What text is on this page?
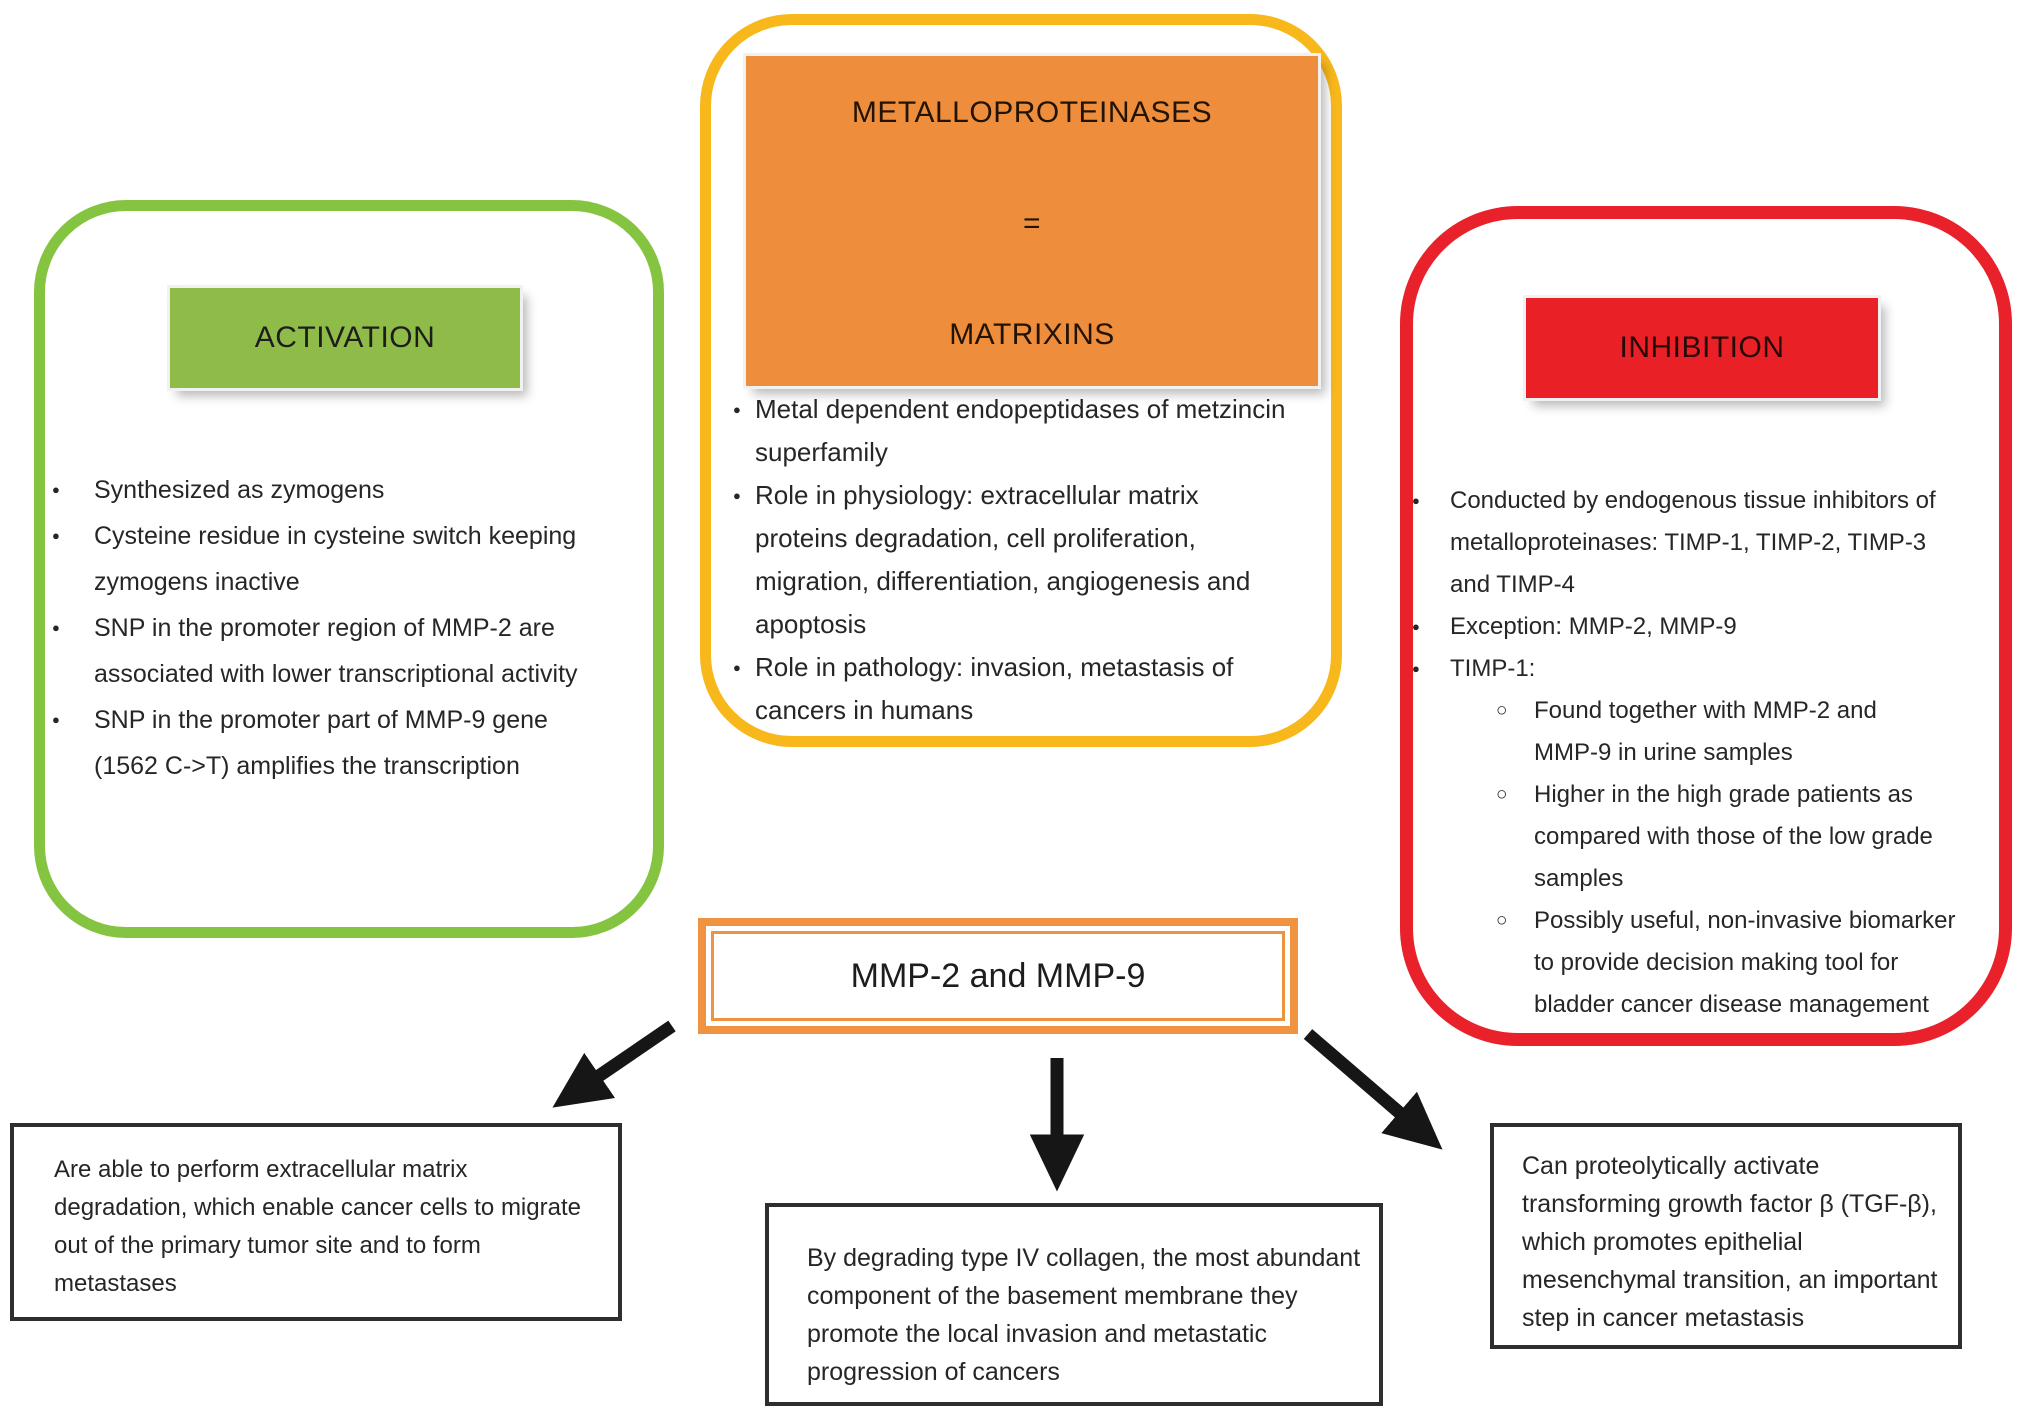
ACTIVATION
METALLOPROTEINASES
=
MATRIXINS	INHIBITION
●	Synthesized as zymogens
●	Cysteine residue in cysteine switch keeping
zymogens inactive
●	SNP in the promoter region of MMP-2 are
associated with lower transcriptional activity
●	SNP in the promoter part of MMP-9 gene
(1562 C->T) amplifies the transcription
● Metal dependent endopeptidases of metzincin
superfamily
● Role in physiology: extracellular matrix
proteins degradation, cell proliferation,
migration, differentiation, angiogenesis and
apoptosis
● Role in pathology: invasion, metastasis of
cancers in humans
●	Conducted by endogenous tissue inhibitors of
metalloproteinases: TIMP-1, TIMP-2, TIMP-3
and TIMP-4
●	Exception: MMP-2, MMP-9
●	TIMP-1:
○	Found together with MMP-2 and
MMP-9 in urine samples
○	Higher in the high grade patients as
compared with those of the low grade
samples
○	Possibly useful, non-invasive biomarker
to provide decision making tool for
bladder cancer disease management
MMP-2 and MMP-9
Are able to perform extracellular matrix
degradation, which enable cancer cells to migrate
out of the primary tumor site and to form
metastases
By degrading type IV collagen, the most abundant
component of the basement membrane they
promote the local invasion and metastatic
progression of cancers
Can proteolytically activate
transforming growth factor β (TGF-β),
which promotes epithelial
mesenchymal transition, an important
step in cancer metastasis
